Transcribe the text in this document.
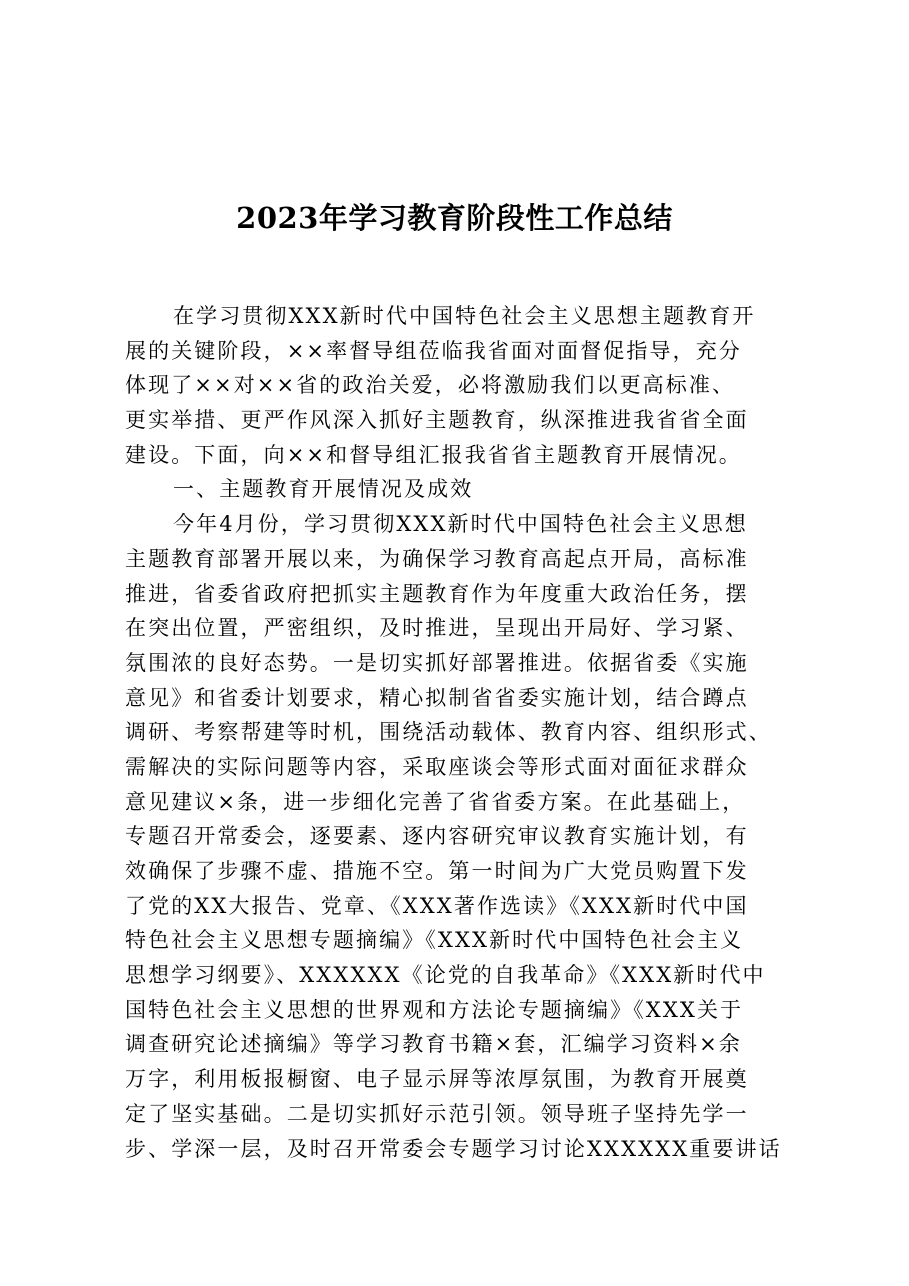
2023年学习教育阶段性工作总结
在学习贯彻XXX新时代中国特色社会主义思想主题教育开
展的关键阶段，××率督导组莅临我省面对面督促指导，充分
体现了××对××省的政治关爱，必将激励我们以更高标准、
更实举措、更严作风深入抓好主题教育，纵深推进我省省全面
建设。下面，向××和督导组汇报我省省主题教育开展情况。
一、主题教育开展情况及成效
今年4月份，学习贯彻XXX新时代中国特色社会主义思想
主题教育部署开展以来，为确保学习教育高起点开局，高标准
推进，省委省政府把抓实主题教育作为年度重大政治任务，摆
在突出位置，严密组织，及时推进，呈现出开局好、学习紧、
氛围浓的良好态势。一是切实抓好部署推进。依据省委《实施
意见》和省委计划要求，精心拟制省省委实施计划，结合蹲点
调研、考察帮建等时机，围绕活动载体、教育内容、组织形式、
需解决的实际问题等内容，采取座谈会等形式面对面征求群众
意见建议×条，进一步细化完善了省省委方案。在此基础上，
专题召开常委会，逐要素、逐内容研究审议教育实施计划，有
效确保了步骤不虚、措施不空。第一时间为广大党员购置下发
了党的XX大报告、党章、《XXX著作选读》《XXX新时代中国
特色社会主义思想专题摘编》《XXX新时代中国特色社会主义
思想学习纲要》、XXXXXX《论党的自我革命》《XXX新时代中
国特色社会主义思想的世界观和方法论专题摘编》《XXX关于
调查研究论述摘编》等学习教育书籍×套，汇编学习资料×余
万字，利用板报橱窗、电子显示屏等浓厚氛围，为教育开展奠
定了坚实基础。二是切实抓好示范引领。领导班子坚持先学一
步、学深一层，及时召开常委会专题学习讨论XXXXXX重要讲话
